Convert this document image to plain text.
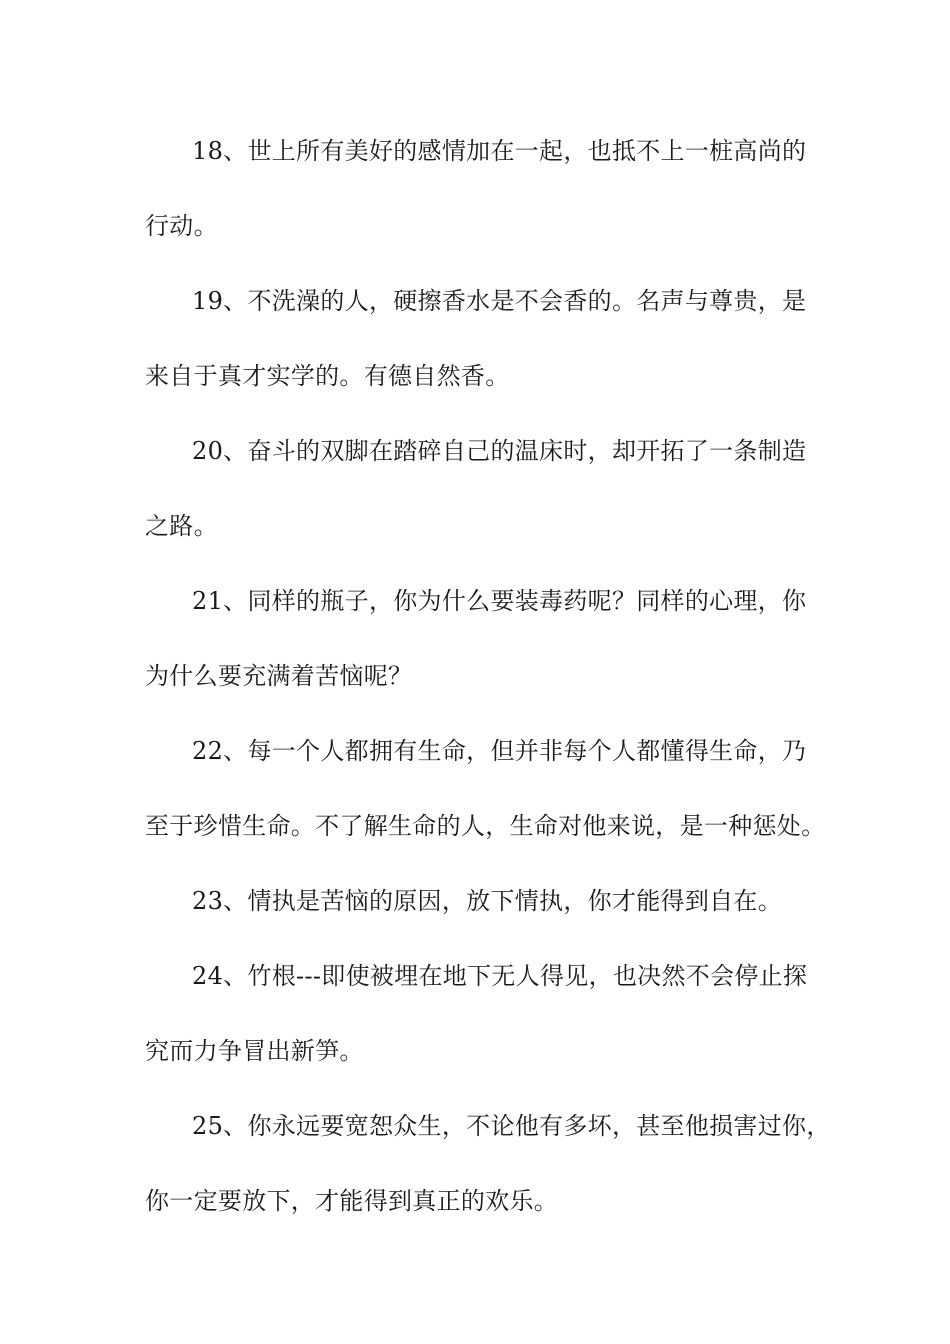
18、世上所有美好的感情加在一起，也抵不上一桩高尚的
行动。
19、不洗澡的人，硬擦香水是不会香的。名声与尊贵，是
来自于真才实学的。有德自然香。
20、奋斗的双脚在踏碎自己的温床时，却开拓了一条制造
之路。
21、同样的瓶子，你为什么要装毒药呢？同样的心理，你
为什么要充满着苦恼呢？
22、每一个人都拥有生命，但并非每个人都懂得生命，乃
至于珍惜生命。不了解生命的人，生命对他来说，是一种惩处。
23、情执是苦恼的原因，放下情执，你才能得到自在。
24、竹根---即使被埋在地下无人得见，也决然不会停止探
究而力争冒出新笋。
25、你永远要宽恕众生，不论他有多坏，甚至他损害过你，
你一定要放下，才能得到真正的欢乐。
